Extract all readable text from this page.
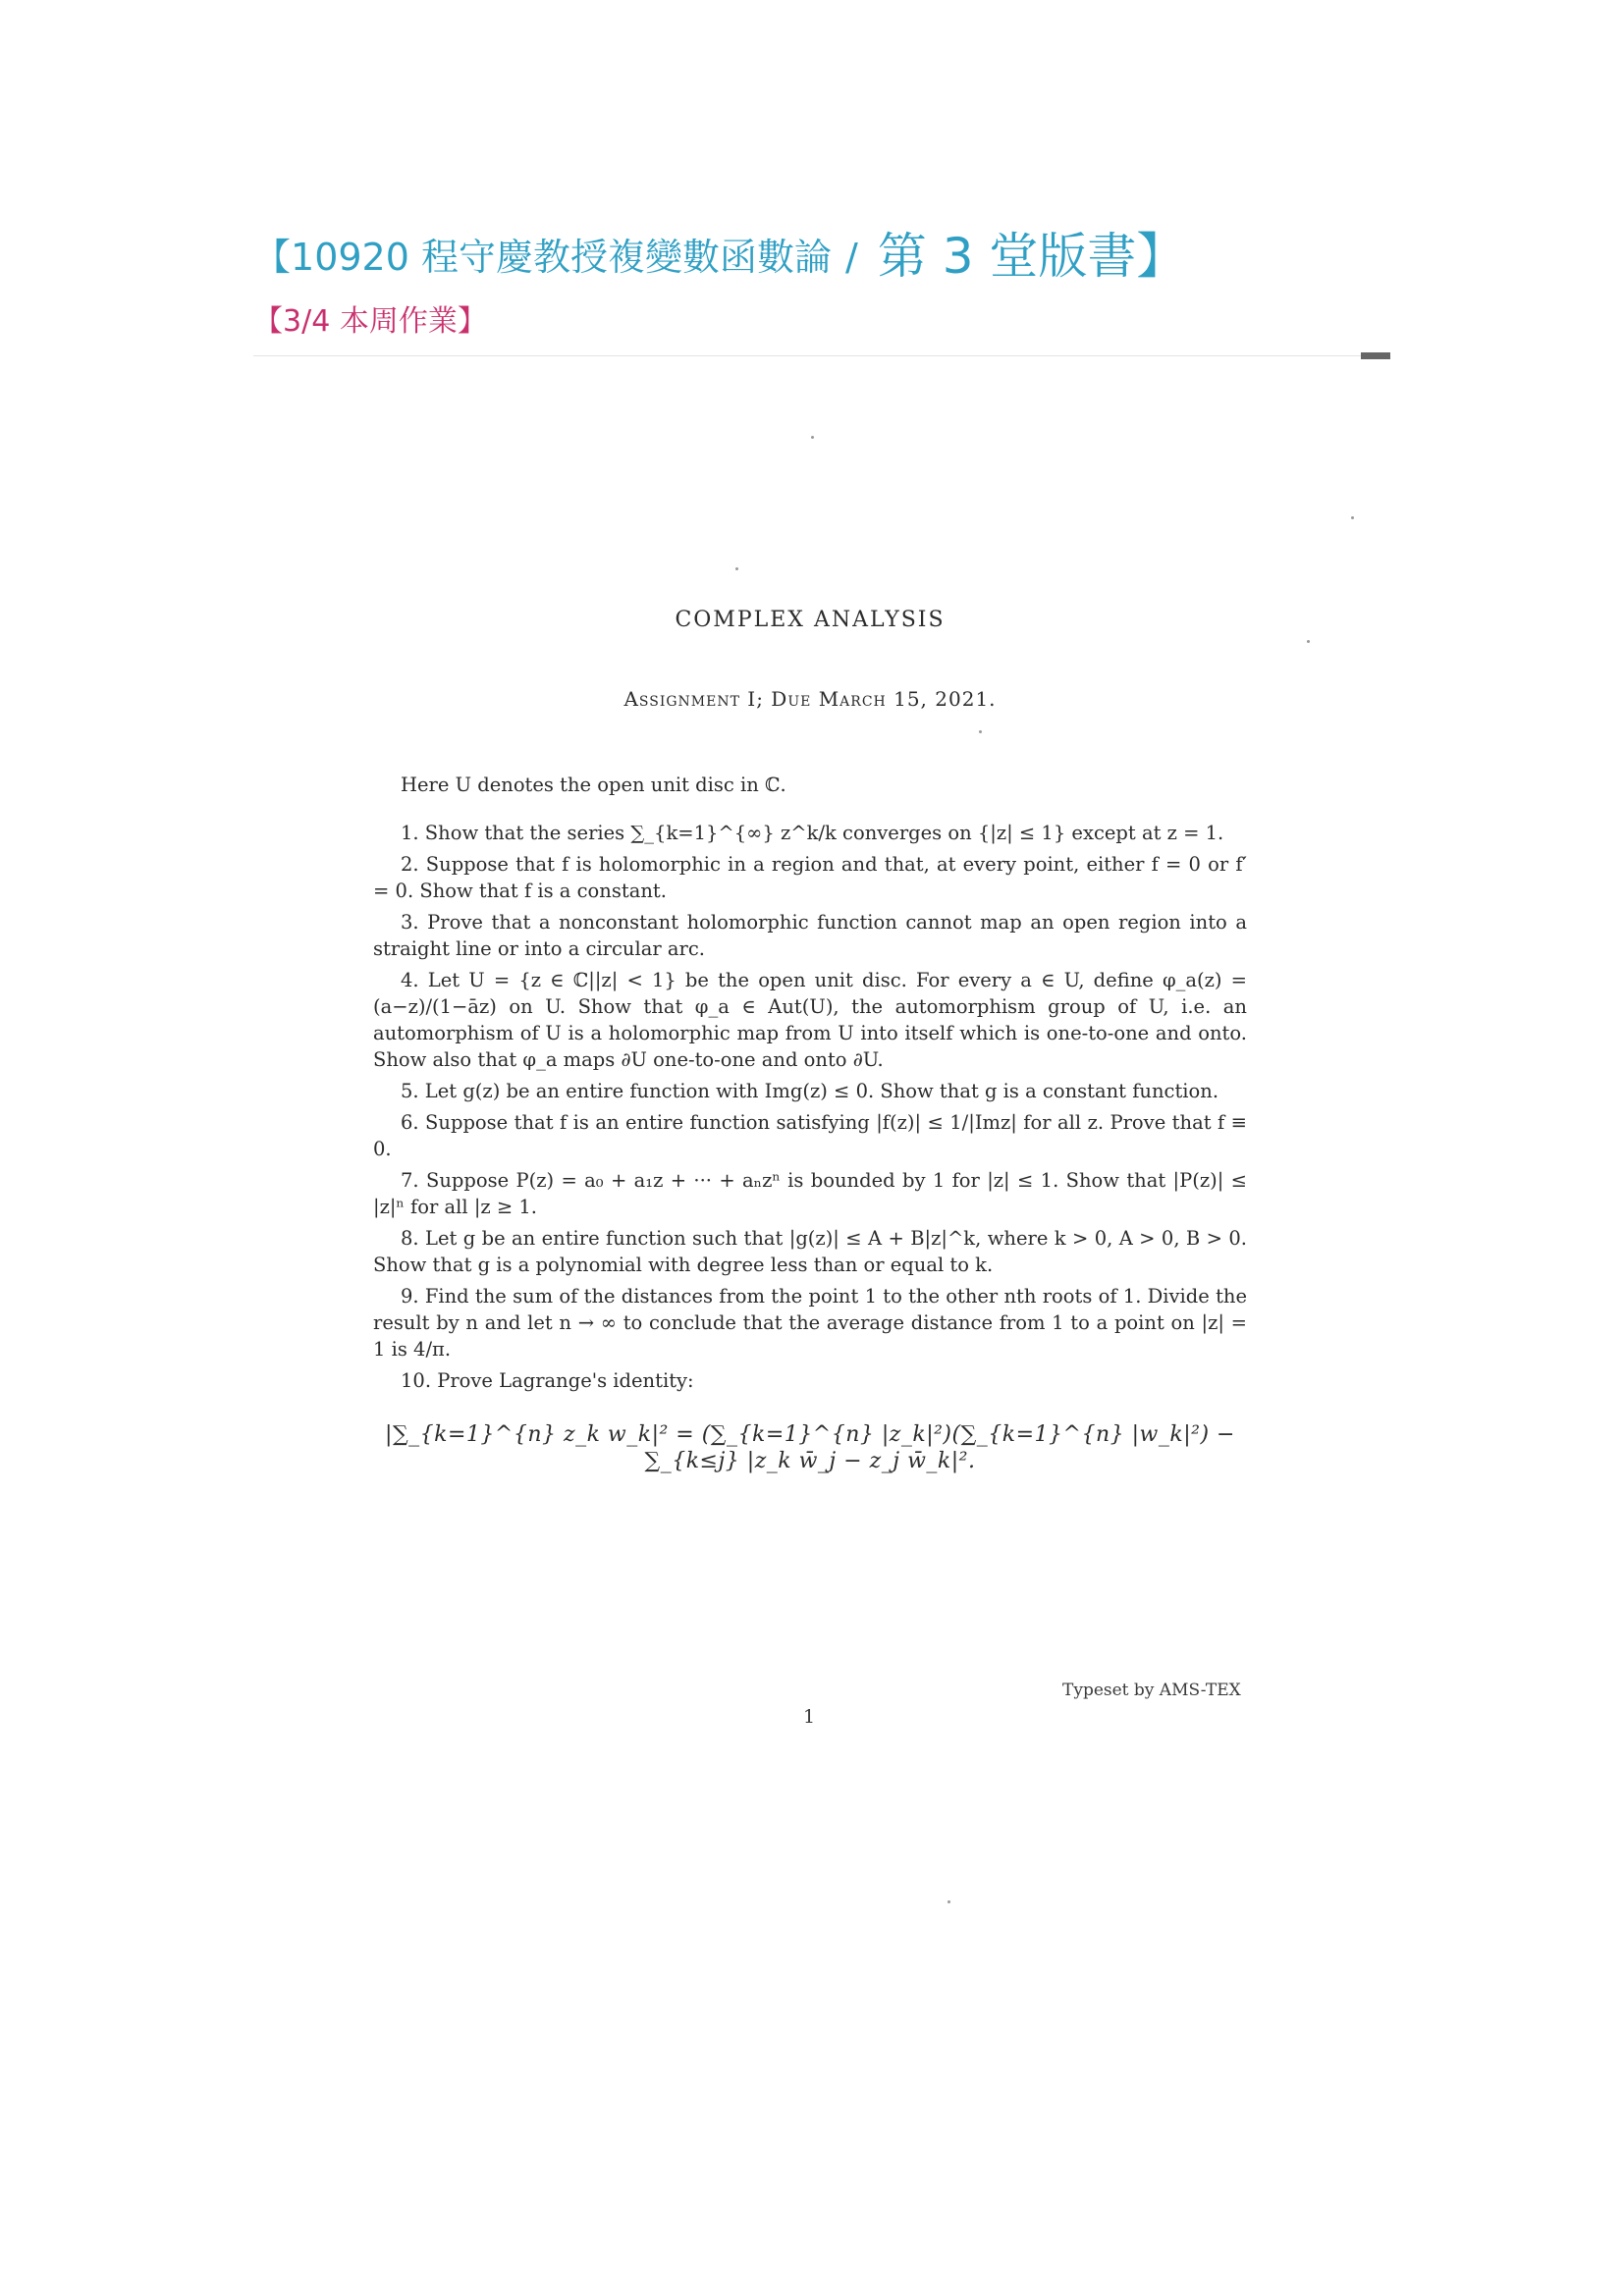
【10920 程守慶教授複變數函數論 / 第 3 堂版書】
【3/4 本周作業】
COMPLEX ANALYSIS
Assignment I; Due March 15, 2021.

Here U denotes the open unit disc in ℂ.

1. Show that the series ∑_{k=1}^{∞} z^k/k converges on {|z| ≤ 1} except at z = 1.

2. Suppose that f is holomorphic in a region and that, at every point, either f = 0 or f′ = 0. Show that f is a constant.

3. Prove that a nonconstant holomorphic function cannot map an open region into a straight line or into a circular arc.

4. Let U = {z ∈ ℂ||z| < 1} be the open unit disc. For every a ∈ U, define φ_a(z) = (a−z)/(1−āz) on U. Show that φ_a ∈ Aut(U), the automorphism group of U, i.e. an automorphism of U is a holomorphic map from U into itself which is one-to-one and onto. Show also that φ_a maps ∂U one-to-one and onto ∂U.

5. Let g(z) be an entire function with Img(z) ≤ 0. Show that g is a constant function.

6. Suppose that f is an entire function satisfying |f(z)| ≤ 1/|Imz| for all z. Prove that f ≡ 0.

7. Suppose P(z) = a₀ + a₁z + ··· + aₙzⁿ is bounded by 1 for |z| ≤ 1. Show that |P(z)| ≤ |z|ⁿ for all |z ≥ 1.

8. Let g be an entire function such that |g(z)| ≤ A + B|z|^k, where k > 0, A > 0, B > 0. Show that g is a polynomial with degree less than or equal to k.

9. Find the sum of the distances from the point 1 to the other nth roots of 1. Divide the result by n and let n → ∞ to conclude that the average distance from 1 to a point on |z| = 1 is 4/π.

10. Prove Lagrange's identity:

|∑_{k=1}^{n} z_k w_k|² = (∑_{k=1}^{n} |z_k|²)(∑_{k=1}^{n} |w_k|²) − ∑_{k≤j} |z_k w̄_j − z_j w̄_k|².
Typeset by AMS-TEX
1
